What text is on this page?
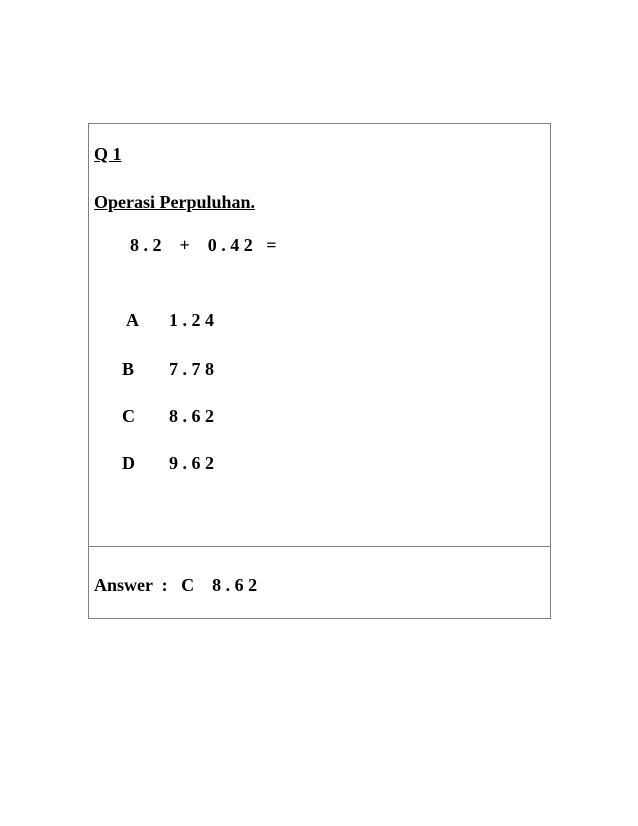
Q 1
Operasi Perpuluhan.
8 . 2    +    0 . 4 2   =
A 1 . 2 4
B 7 . 7 8
C 8 . 6 2
D 9 . 6 2
Answer  :   C    8 . 6 2
